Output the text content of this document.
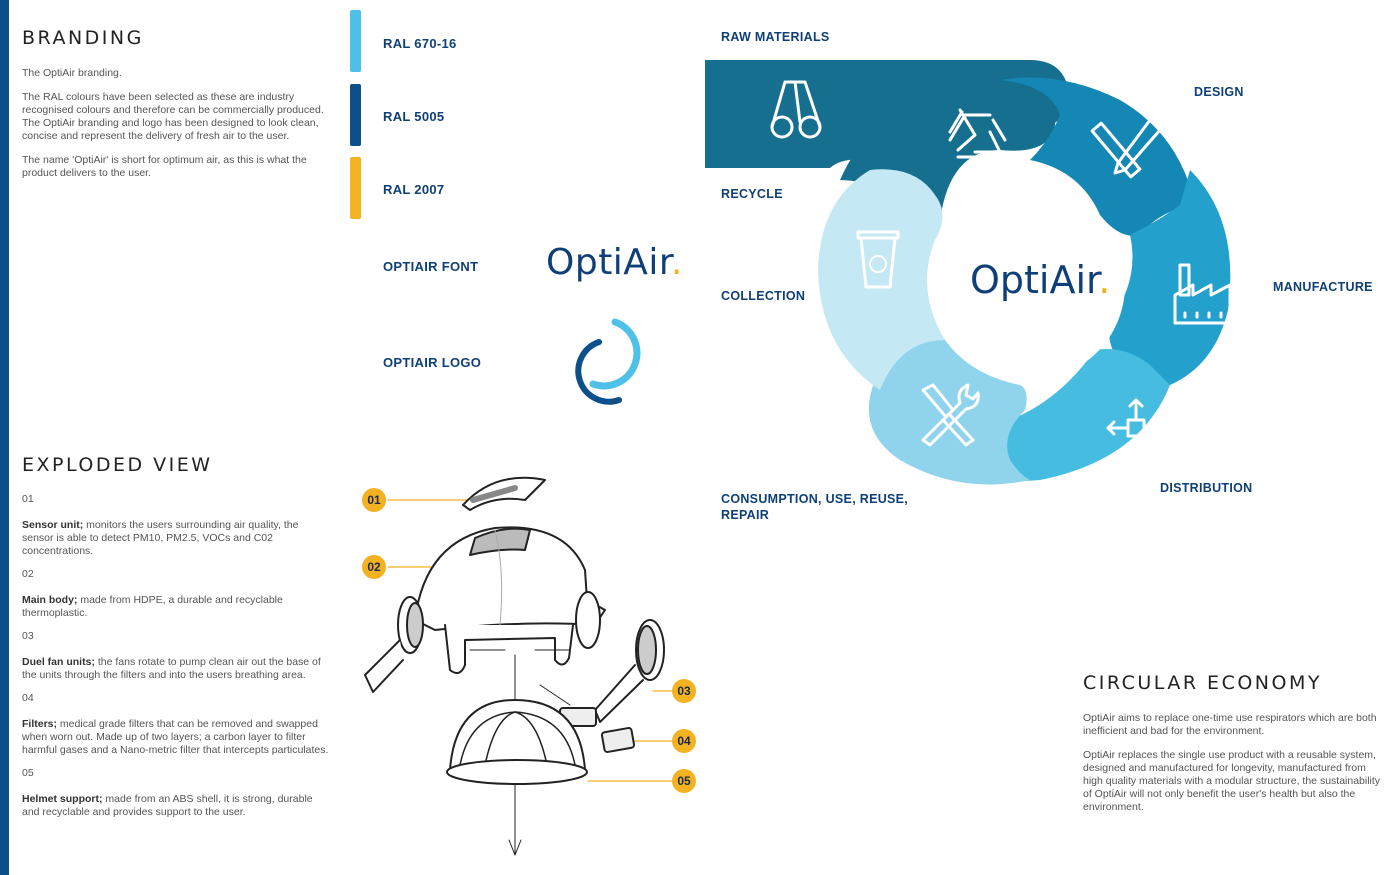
BRANDING

The OptiAir branding.

The RAL colours have been selected as these are industry recognised colours and therefore can be commercially produced. The OptiAir branding and logo has been designed to look clean, concise and represent the delivery of fresh air to the user.

The name 'OptiAir' is short for optimum air, as this is what the product delivers to the user.

RAL 670-16
RAL 5005
RAL 2007
OPTIAIR FONT OptiAir.
OPTIAIR LOGO
EXPLODED VIEW
01
Sensor unit; monitors the users surrounding air quality, the sensor is able to detect PM10, PM2.5, VOCs and C02 concentrations.
02
Main body; made from HDPE, a durable and recyclable thermoplastic.
03
Duel fan units; the fans rotate to pump clean air out the base of the units through the filters and into the users breathing area.
04
Filters; medical grade filters that can be removed and swapped when worn out. Made up of two layers; a carbon layer to filter harmful gases and a Nano-metric filter that intercepts particulates.
05
Helmet support; made from an ABS shell, it is strong, durable and recyclable and provides support to the user.
01
02
03
04
05
OptiAir.
RAW MATERIALS
DESIGN
RECYCLE
MANUFACTURE
COLLECTION
DISTRIBUTION
CONSUMPTION, USE, REUSE,
REPAIR
CIRCULAR ECONOMY

OptiAir aims to replace one-time use respirators which are both inefficient and bad for the environment.

OptiAir replaces the single use product with a reusable system, designed and manufactured for longevity, manufactured from high quality materials with a modular structure, the sustainability of OptiAir will not only benefit the user's health but also the environment.
